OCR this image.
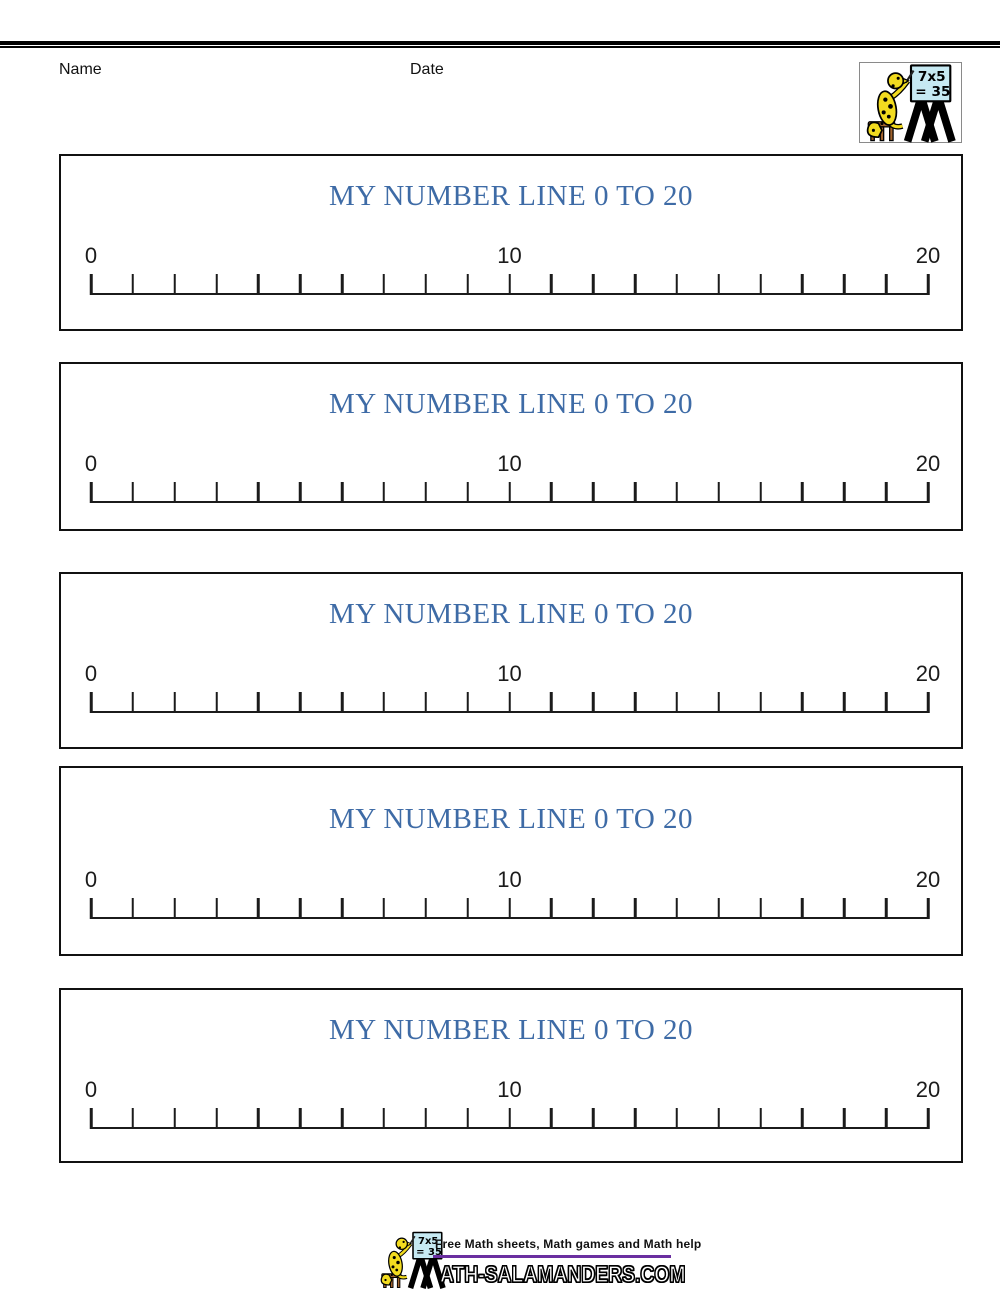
Name	Date
MY NUMBER LINE 0 TO 20
0	10	20
MY NUMBER LINE 0 TO 20
0	10	20
MY NUMBER LINE 0 TO 20
0	10	20
MY NUMBER LINE 0 TO 20
0	10	20
MY NUMBER LINE 0 TO 20
0	10	20
Free Math sheets, Math games and Math help
ATH-SALAMANDERS.COM
